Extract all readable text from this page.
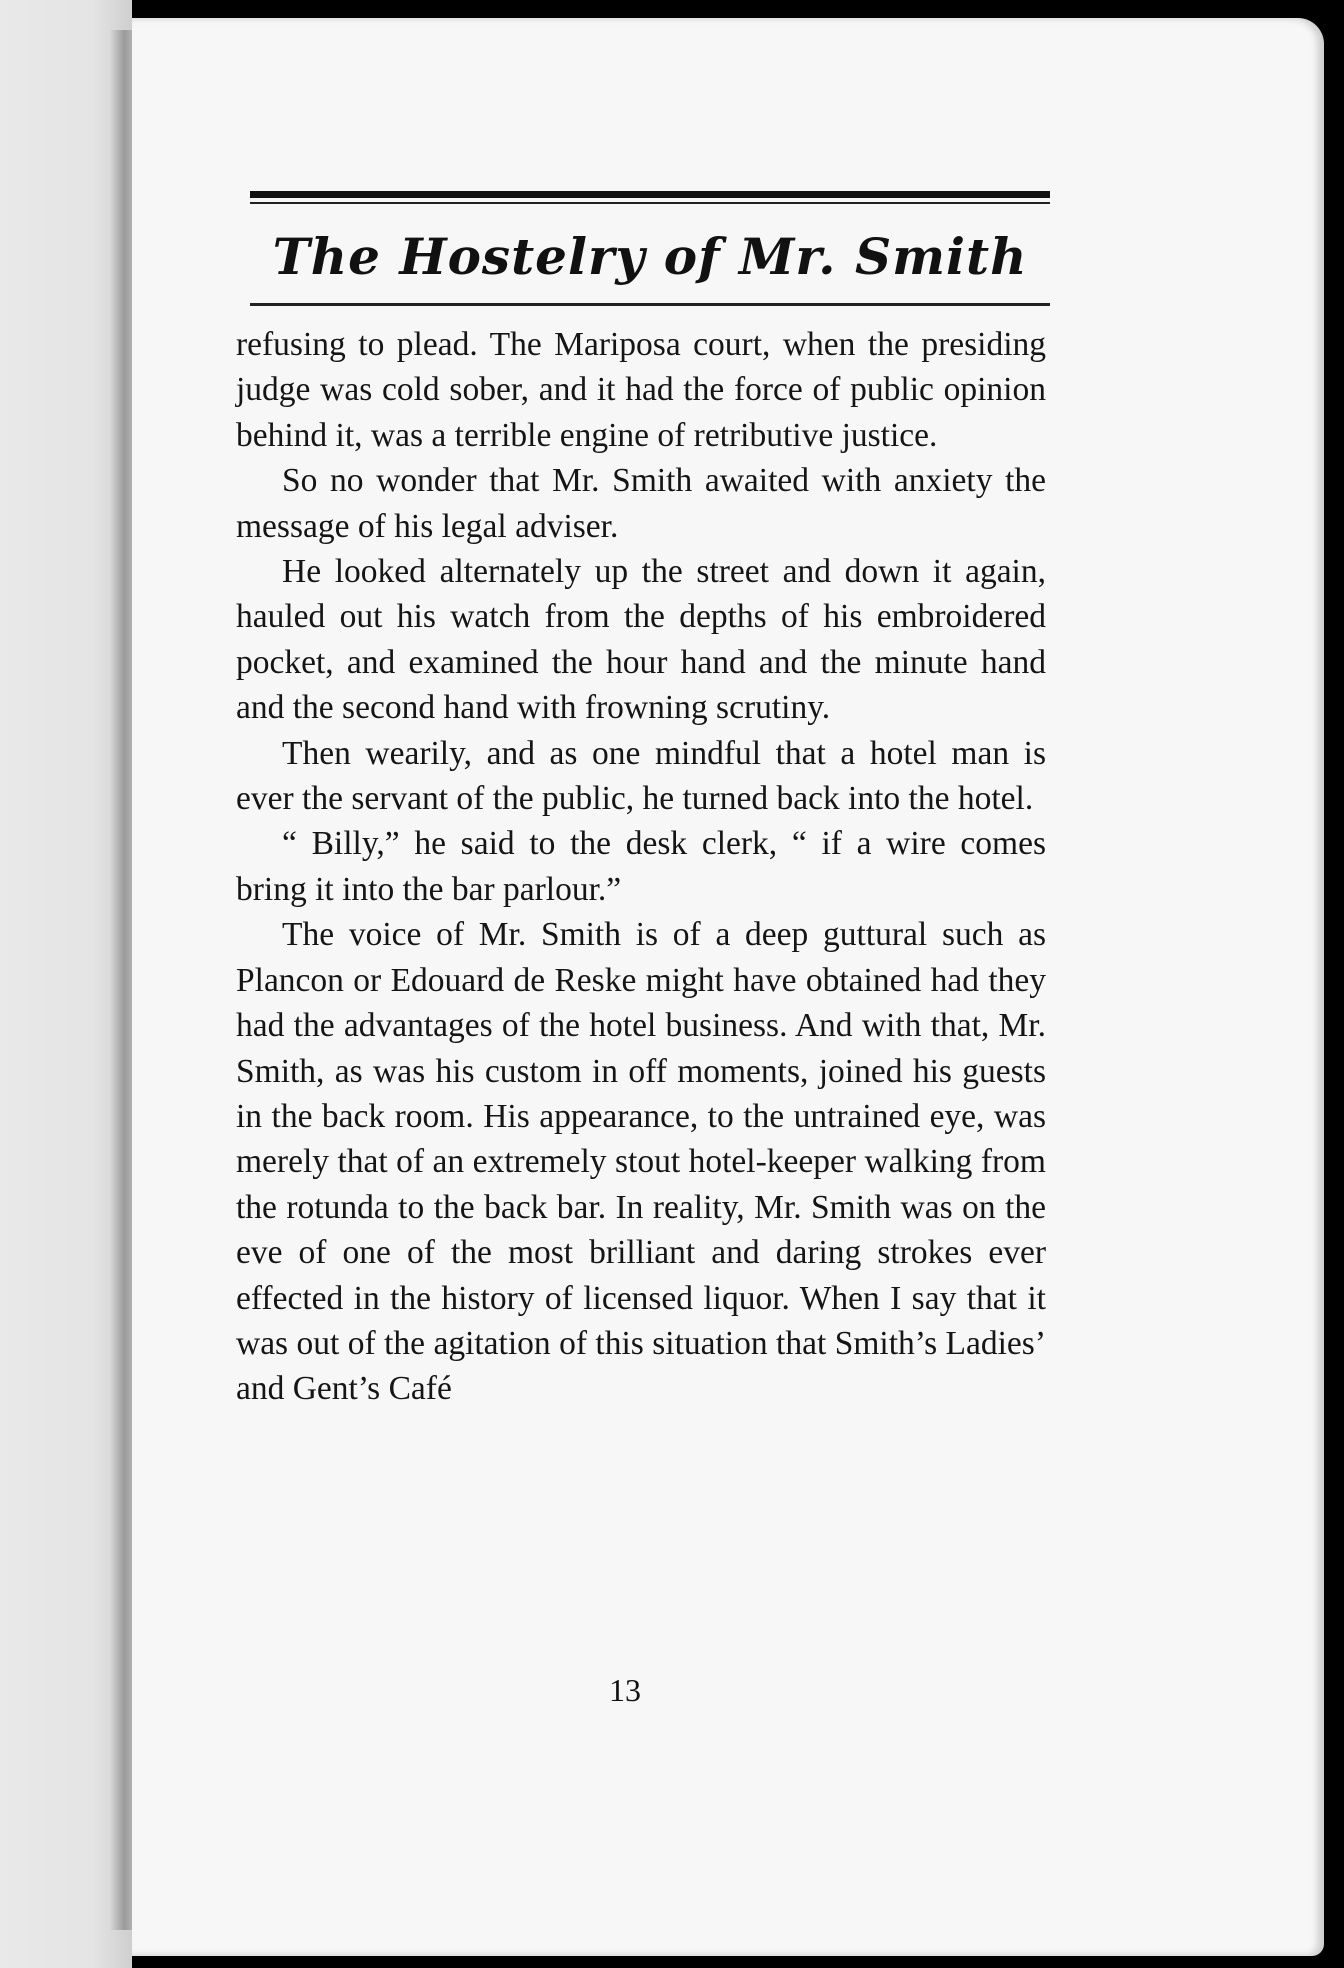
The Hostelry of Mr. Smith

refusing to plead. The Mariposa court, when the presiding judge was cold sober, and it had the force of public opinion behind it, was a terrible engine of retributive justice.

So no wonder that Mr. Smith awaited with anxiety the message of his legal adviser.

He looked alternately up the street and down it again, hauled out his watch from the depths of his embroidered pocket, and examined the hour hand and the minute hand and the second hand with frowning scrutiny.

Then wearily, and as one mindful that a hotel man is ever the servant of the public, he turned back into the hotel.

“ Billy,” he said to the desk clerk, “ if a wire comes bring it into the bar parlour.”

The voice of Mr. Smith is of a deep guttural such as Plancon or Edouard de Reske might have obtained had they had the advantages of the hotel business. And with that, Mr. Smith, as was his custom in off moments, joined his guests in the back room. His appearance, to the untrained eye, was merely that of an extremely stout hotel-keeper walking from the rotunda to the back bar. In reality, Mr. Smith was on the eve of one of the most brilliant and daring strokes ever effected in the history of licensed liquor. When I say that it was out of the agitation of this situation that Smith’s Ladies’ and Gent’s Café

13
